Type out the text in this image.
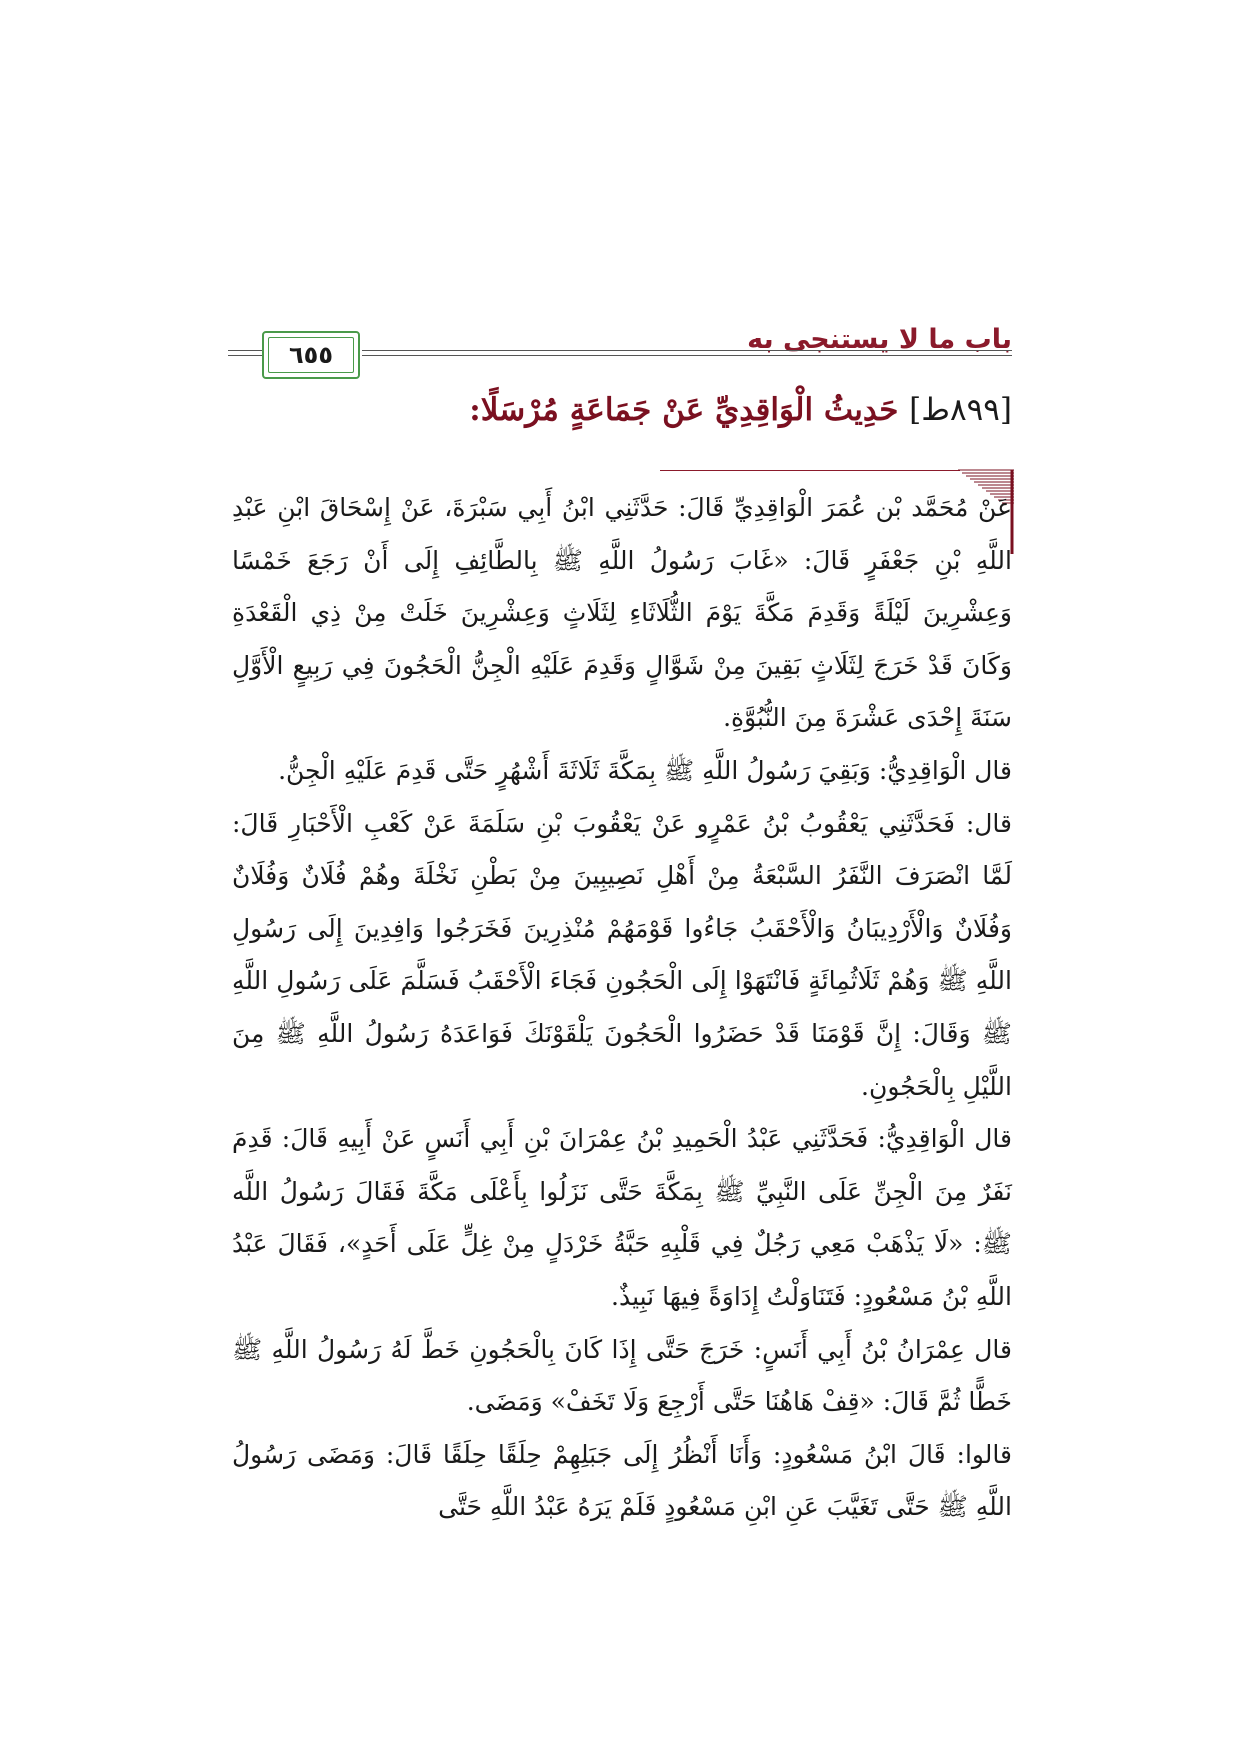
باب ما لا يستنجى به
٦٥٥
[٨٩٩ط] حَدِيثُ الْوَاقِدِيِّ عَنْ جَمَاعَةٍ مُرْسَلًا:

عَنْ مُحَمَّد بْن عُمَرَ الْوَاقِدِيِّ قَالَ: حَدَّثَنِي ابْنُ أَبِي سَبْرَةَ، عَنْ إِسْحَاقَ ابْنِ عَبْدِ اللَّهِ بْنِ جَعْفَرٍ قَالَ: «غَابَ رَسُولُ اللَّهِ ﷺ بِالطَّائِفِ إِلَى أَنْ رَجَعَ خَمْسًا وَعِشْرِينَ لَيْلَةً وَقَدِمَ مَكَّةَ يَوْمَ الثُّلَاثَاءِ لِثَلَاثٍ وَعِشْرِينَ خَلَتْ مِنْ ذِي الْقَعْدَةِ وَكَانَ قَدْ خَرَجَ لِثَلَاثٍ بَقِينَ مِنْ شَوَّالٍ وَقَدِمَ عَلَيْهِ الْجِنُّ الْحَجُونَ فِي رَبِيعٍ الْأَوَّلِ سَنَةَ إِحْدَى عَشْرَةَ مِنَ النُّبُوَّةِ.

قال الْوَاقِدِيُّ: وَبَقِيَ رَسُولُ اللَّهِ ﷺ بِمَكَّةَ ثَلَاثَةَ أَشْهُرٍ حَتَّى قَدِمَ عَلَيْهِ الْجِنُّ.

قال: فَحَدَّثَنِي يَعْقُوبُ بْنُ عَمْرٍو عَنْ يَعْقُوبَ بْنِ سَلَمَةَ عَنْ كَعْبِ الْأَحْبَارِ قَالَ: لَمَّا انْصَرَفَ النَّفَرُ السَّبْعَةُ مِنْ أَهْلِ نَصِيبِينَ مِنْ بَطْنِ نَخْلَةَ وهُمْ فُلَانٌ وَفُلَانٌ وَفُلَانٌ وَالْأَرْدِيبَانُ وَالْأَحْقَبُ جَاءُوا قَوْمَهُمْ مُنْذِرِينَ فَخَرَجُوا وَافِدِينَ إِلَى رَسُولِ اللَّهِ ﷺ وَهُمْ ثَلَاثُمِائَةٍ فَانْتَهَوْا إِلَى الْحَجُونِ فَجَاءَ الْأَحْقَبُ فَسَلَّمَ عَلَى رَسُولِ اللَّهِ ﷺ وَقَالَ: إِنَّ قَوْمَنَا قَدْ حَضَرُوا الْحَجُونَ يَلْقَوْنَكَ فَوَاعَدَهُ رَسُولُ اللَّهِ ﷺ مِنَ اللَّيْلِ بِالْحَجُونِ.

قال الْوَاقِدِيُّ: فَحَدَّثَنِي عَبْدُ الْحَمِيدِ بْنُ عِمْرَانَ بْنِ أَبِي أَنَسٍ عَنْ أَبِيهِ قَالَ: قَدِمَ نَفَرٌ مِنَ الْجِنِّ عَلَى النَّبِيِّ ﷺ بِمَكَّةَ حَتَّى نَزَلُوا بِأَعْلَى مَكَّةَ فَقَالَ رَسُولُ اللَّه ﷺ: «لَا يَذْهَبْ مَعِي رَجُلٌ فِي قَلْبِهِ حَبَّةُ خَرْدَلٍ مِنْ غِلٍّ عَلَى أَحَدٍ»، فَقَالَ عَبْدُ اللَّهِ بْنُ مَسْعُودٍ: فَتَنَاوَلْتُ إِدَاوَةً فِيهَا نَبِيذٌ.

قال عِمْرَانُ بْنُ أَبِي أَنَسٍ: خَرَجَ حَتَّى إِذَا كَانَ بِالْحَجُونِ خَطَّ لَهُ رَسُولُ اللَّهِ ﷺ خَطًّا ثُمَّ قَالَ: «قِفْ هَاهُنَا حَتَّى أَرْجِعَ وَلَا تَخَفْ» وَمَضَى.

قالوا: قَالَ ابْنُ مَسْعُودٍ: وَأَنَا أَنْظُرُ إِلَى جَبَلِهِمْ حِلَقًا حِلَقًا قَالَ: وَمَضَى رَسُولُ اللَّهِ ﷺ حَتَّى تَغَيَّبَ عَنِ ابْنِ مَسْعُودٍ فَلَمْ يَرَهُ عَبْدُ اللَّهِ حَتَّى
